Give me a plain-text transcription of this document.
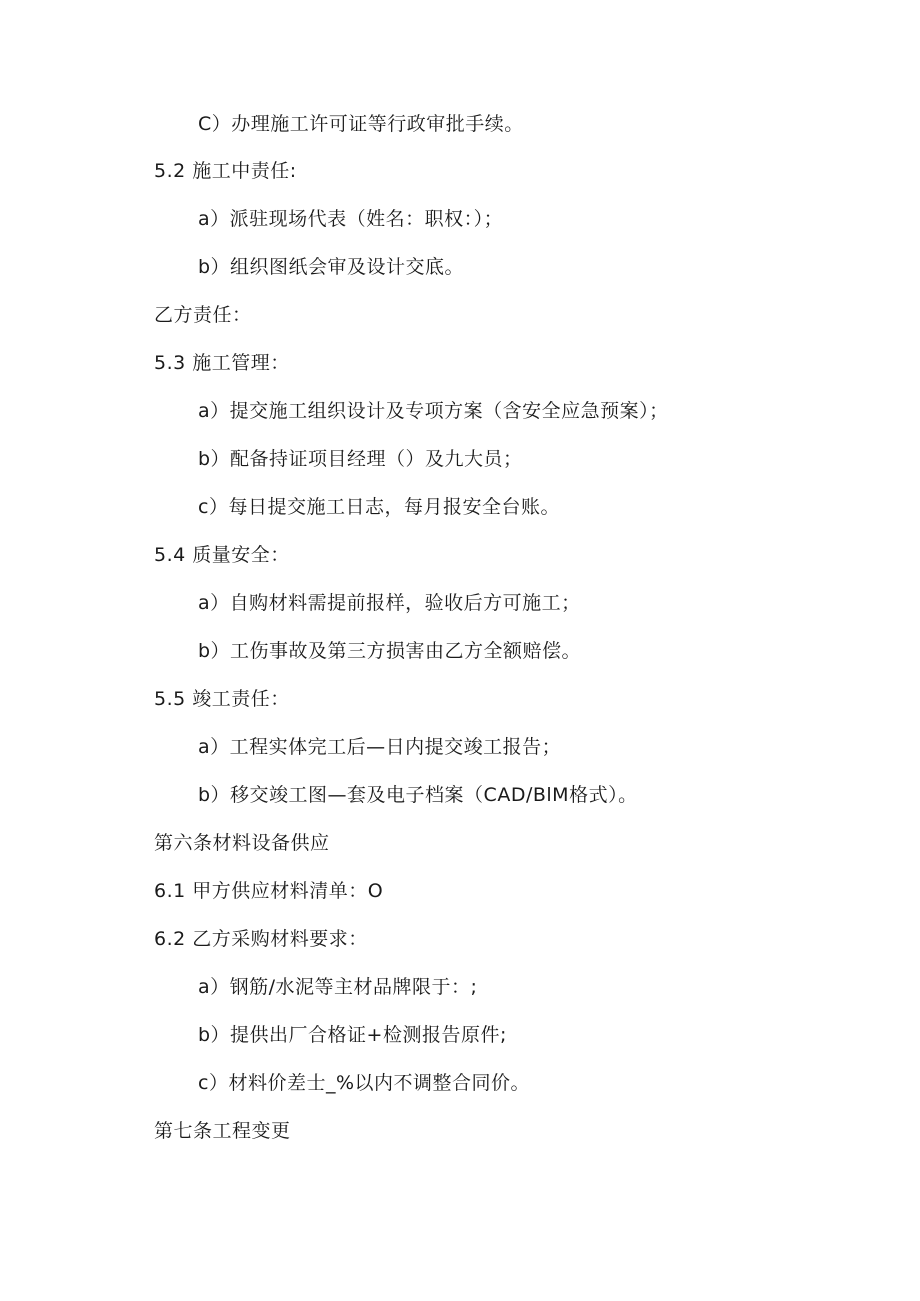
C）办理施工许可证等行政审批手续。
5.2 施工中责任:
a）派驻现场代表（姓名：职权：）；
b）组织图纸会审及设计交底。
乙方责任：
5.3 施工管理：
a）提交施工组织设计及专项方案（含安全应急预案）；
b）配备持证项目经理（）及九大员；
c）每日提交施工日志，每月报安全台账。
5.4 质量安全：
a）自购材料需提前报样，验收后方可施工；
b）工伤事故及第三方损害由乙方全额赔偿。
5.5 竣工责任：
a）工程实体完工后—日内提交竣工报告；
b）移交竣工图—套及电子档案（CAD∕BlM格式）。
第六条材料设备供应
6.1 甲方供应材料清单：O
6.2 乙方采购材料要求：
a）钢筋/水泥等主材品牌限于：;
b）提供出厂合格证+检测报告原件;
c）材料价差士_%以内不调整合同价。
第七条工程变更
